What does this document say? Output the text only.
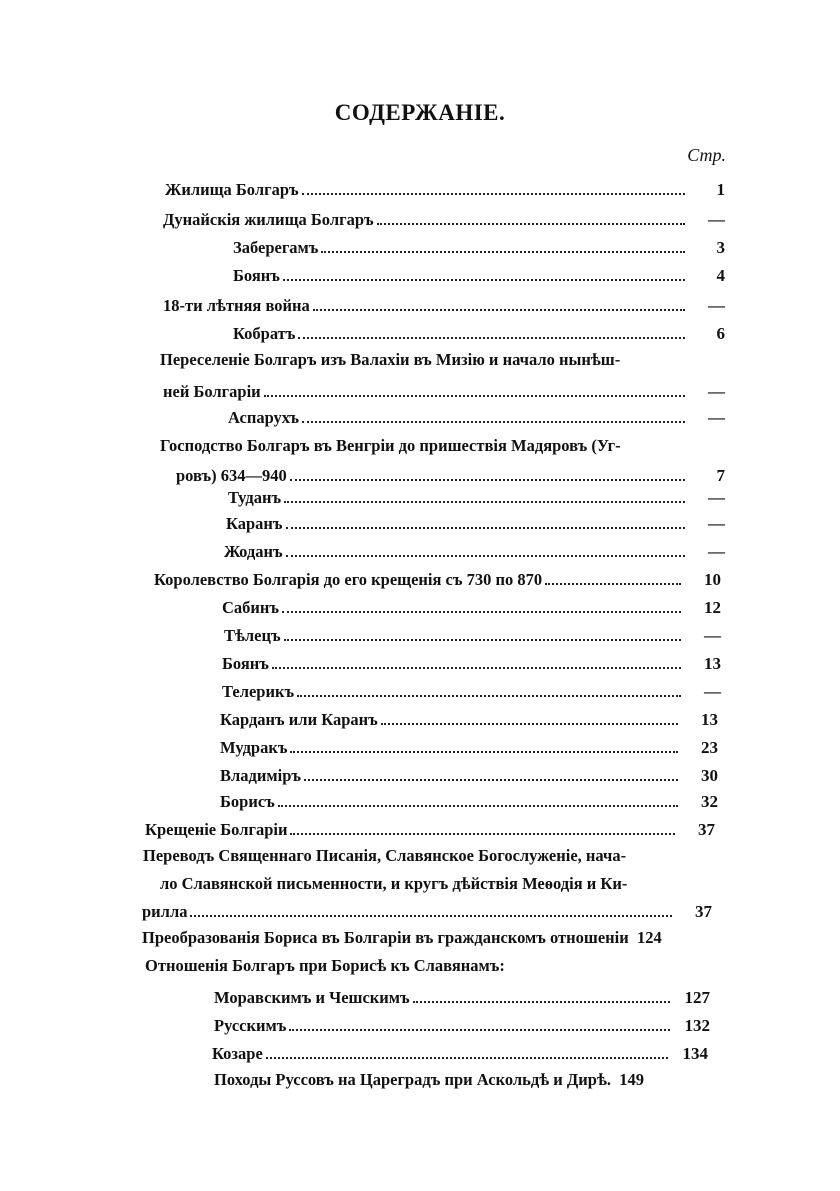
СОДЕРЖАНІЕ.
Стр.
Жилища Болгаръ	1
Дунайскія жилища Болгаръ	—
Заберегамъ	3
Боянъ	4
18-ти лѣтняя война	—
Кобратъ	6
Переселеніе Болгаръ изъ Валахіи въ Мизію и начало нынѣш-
ней Болгаріи	—
Аспарухъ	—
Господство Болгаръ въ Венгріи до пришествія Мадяровъ (Уг-
ровъ) 634—940	7
Туданъ	—
Каранъ	—
Жоданъ	—
Королевство Болгарія до его крещенія съ 730 по 870	10
Сабинъ	12
Тѣлецъ	—
Боянъ	13
Телерикъ	—
Карданъ или Каранъ	13
Мудракъ	23
Владиміръ	30
Борисъ	32
Крещеніе Болгаріи	37
Переводъ Священнаго Писанія, Славянское Богослуженіе, нача-
ло Славянской письменности, и кругъ дѣйствія Меѳодія и Ки-
рилла	37
Преобразованія Бориса въ Болгаріи въ гражданскомъ отношеніи 124
Отношенія Болгаръ при Борисѣ къ Славянамъ:
Моравскимъ и Чешскимъ	127
Русскимъ	132
Козаре	134
Походы Руссовъ на Цареградъ при Аскольдѣ и Дирѣ.  149
